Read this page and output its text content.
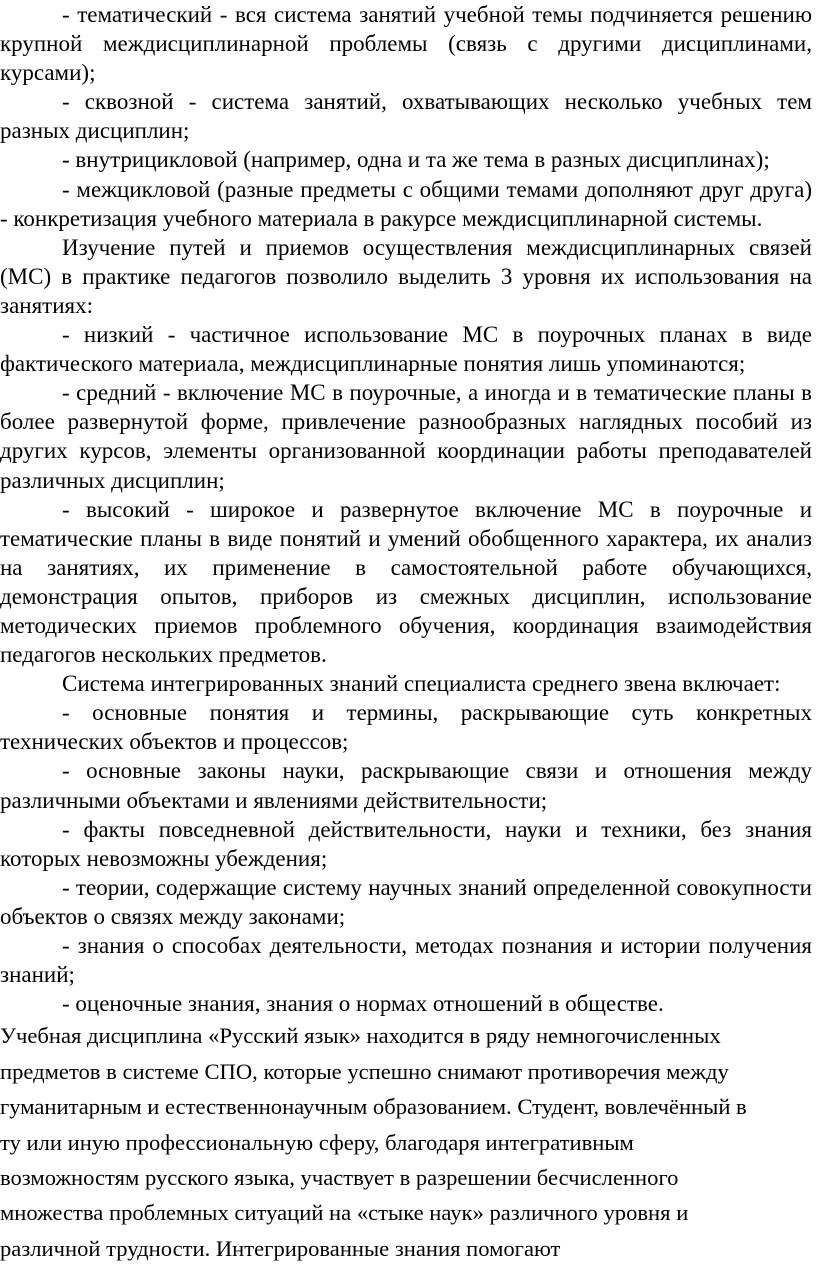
- тематический - вся система занятий учебной темы подчиняется решению крупной междисциплинарной проблемы (связь с другими дисциплинами, курсами);

- сквозной - система занятий, охватывающих несколько учебных тем разных дисциплин;

- внутрицикловой (например, одна и та же тема в разных дисциплинах);

- межцикловой (разные предметы с общими темами дополняют друг друга) - конкретизация учебного материала в ракурсе междисциплинарной системы.

Изучение путей и приемов осуществления междисциплинарных связей (МС) в практике педагогов позволило выделить 3 уровня их использования на занятиях:

- низкий - частичное использование МС в поурочных планах в виде фактического материала, междисциплинарные понятия лишь упоминаются;

- средний - включение МС в поурочные, а иногда и в тематические планы в более развернутой форме, привлечение разнообразных наглядных пособий из других курсов, элементы организованной координации работы преподавателей различных дисциплин;

- высокий - широкое и развернутое включение МС в поурочные и тематические планы в виде понятий и умений обобщенного характера, их анализ на занятиях, их применение в самостоятельной работе обучающихся, демонстрация опытов, приборов из смежных дисциплин, использование методических приемов проблемного обучения, координация взаимодействия педагогов нескольких предметов.

Система интегрированных знаний специалиста среднего звена включает:

- основные понятия и термины, раскрывающие суть конкретных технических объектов и процессов;

- основные законы науки, раскрывающие связи и отношения между различными объектами и явлениями действительности;

- факты повседневной действительности, науки и техники, без знания которых невозможны убеждения;

- теории, содержащие систему научных знаний определенной совокупности объектов о связях между законами;

- знания о способах деятельности, методах познания и истории получения знаний;

- оценочные знания, знания о нормах отношений в обществе.

Учебная дисциплина «Русский язык» находится в ряду немногочисленных

предметов в системе СПО, которые успешно снимают противоречия между

гуманитарным и естественнонаучным образованием. Студент, вовлечённый в

ту или иную профессиональную сферу, благодаря интегративным

возможностям русского языка, участвует в разрешении бесчисленного

множества проблемных ситуаций на «стыке наук» различного уровня и

различной трудности. Интегрированные знания помогают
